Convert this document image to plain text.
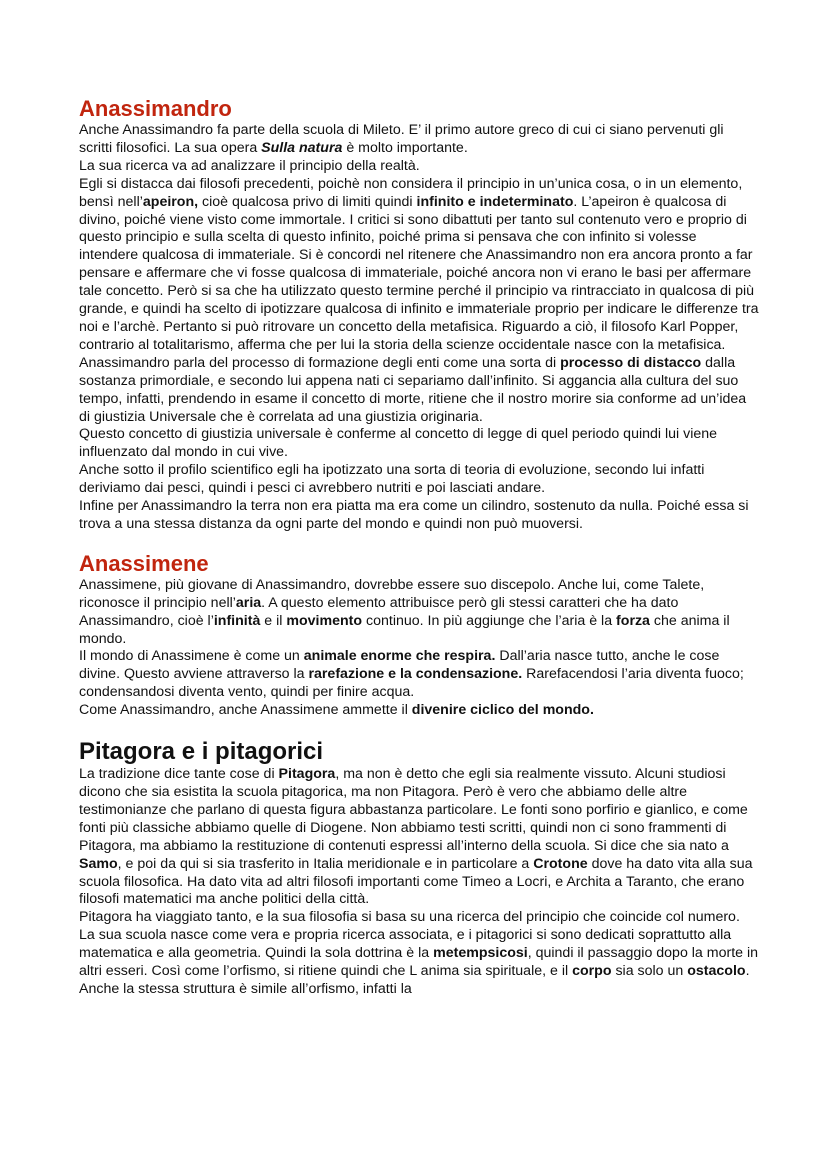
Anassimandro

Anche Anassimandro fa parte della scuola di Mileto. E’ il primo autore greco di cui ci siano pervenuti gli scritti filosofici. La sua opera Sulla natura è molto importante.

La sua ricerca va ad analizzare il principio della realtà.

Egli si distacca dai filosofi precedenti, poichè non considera il principio in un’unica cosa, o in un elemento, bensì nell’apeiron, cioè qualcosa privo di limiti quindi infinito e indeterminato. L’apeiron è qualcosa di divino, poiché viene visto come immortale. I critici si sono dibattuti per tanto sul contenuto vero e proprio di questo principio e sulla scelta di questo infinito, poiché prima si pensava che con infinito si volesse intendere qualcosa di immateriale. Si è concordi nel ritenere che Anassimandro non era ancora pronto a far pensare e affermare che vi fosse qualcosa di immateriale, poiché ancora non vi erano le basi per affermare tale concetto. Però si sa che ha utilizzato questo termine perché il principio va rintracciato in qualcosa di più grande, e quindi ha scelto di ipotizzare qualcosa di infinito e immateriale proprio per indicare le differenze tra noi e l’archè. Pertanto si può ritrovare un concetto della metafisica. Riguardo a ciò, il filosofo Karl Popper, contrario al totalitarismo, afferma che per lui la storia della scienze occidentale nasce con la metafisica.

Anassimandro parla del processo di formazione degli enti come una sorta di processo di distacco dalla sostanza primordiale, e secondo lui appena nati ci separiamo dall’infinito. Si aggancia alla cultura del suo tempo, infatti, prendendo in esame il concetto di morte, ritiene che il nostro morire sia conforme ad un’idea di giustizia Universale che è correlata ad una giustizia originaria.

Questo concetto di giustizia universale è conferme al concetto di legge di quel periodo quindi lui viene influenzato dal mondo in cui vive.

Anche sotto il profilo scientifico egli ha ipotizzato una sorta di teoria di evoluzione, secondo lui infatti deriviamo dai pesci, quindi i pesci ci avrebbero nutriti e poi lasciati andare.

Infine per Anassimandro la terra non era piatta ma era come un cilindro, sostenuto da nulla. Poiché essa si trova a una stessa distanza da ogni parte del mondo e quindi non può muoversi.

Anassimene

Anassimene, più giovane di Anassimandro, dovrebbe essere suo discepolo. Anche lui, come Talete, riconosce il principio nell’aria. A questo elemento attribuisce però gli stessi caratteri che ha dato Anassimandro, cioè l’infinità e il movimento continuo. In più aggiunge che l’aria è la forza che anima il mondo.

Il mondo di Anassimene è come un animale enorme che respira. Dall’aria nasce tutto, anche le cose divine. Questo avviene attraverso la rarefazione e la condensazione. Rarefacendosi l’aria diventa fuoco; condensandosi diventa vento, quindi per finire acqua.

Come Anassimandro, anche Anassimene ammette il divenire ciclico del mondo.

Pitagora e i pitagorici

La tradizione dice tante cose di Pitagora, ma non è detto che egli sia realmente vissuto. Alcuni studiosi dicono che sia esistita la scuola pitagorica, ma non Pitagora. Però è vero che abbiamo delle altre testimonianze che parlano di questa figura abbastanza particolare. Le fonti sono porfirio e gianlico, e come fonti più classiche abbiamo quelle di Diogene. Non abbiamo testi scritti, quindi non ci sono frammenti di Pitagora, ma abbiamo la restituzione di contenuti espressi all’interno della scuola. Si dice che sia nato a Samo, e poi da qui si sia trasferito in Italia meridionale e in particolare a Crotone dove ha dato vita alla sua scuola filosofica. Ha dato vita ad altri filosofi importanti come Timeo a Locri, e Archita a Taranto, che erano filosofi matematici ma anche politici della città.

Pitagora ha viaggiato tanto, e la sua filosofia si basa su una ricerca del principio che coincide col numero. La sua scuola nasce come vera e propria ricerca associata, e i pitagorici si sono dedicati soprattutto alla matematica e alla geometria. Quindi la sola dottrina è la metempsicosi, quindi il passaggio dopo la morte in altri esseri. Così come l’orfismo, si ritiene quindi che L anima sia spirituale, e il corpo sia solo un ostacolo. Anche la stessa struttura è simile all’orfismo, infatti la
